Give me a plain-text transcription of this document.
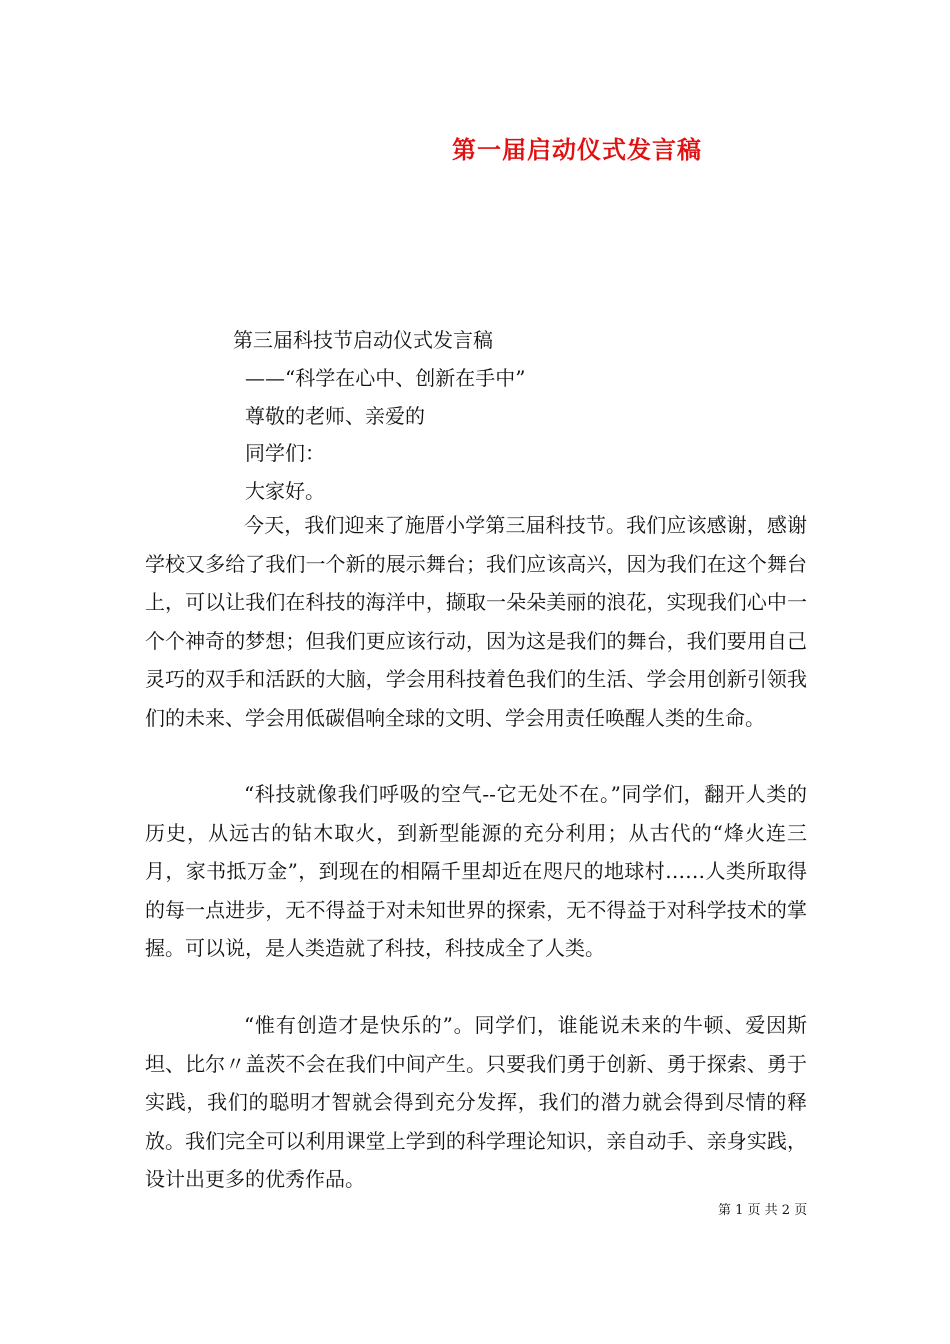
第一届启动仪式发言稿
第三届科技节启动仪式发言稿
——“科学在心中、创新在手中”
尊敬的老师、亲爱的
同学们：
大家好。

今天，我们迎来了施厝小学第三届科技节。我们应该感谢，感谢学校又多给了我们一个新的展示舞台；我们应该高兴，因为我们在这个舞台上，可以让我们在科技的海洋中，撷取一朵朵美丽的浪花，实现我们心中一个个神奇的梦想；但我们更应该行动，因为这是我们的舞台，我们要用自己灵巧的双手和活跃的大脑，学会用科技着色我们的生活、学会用创新引领我们的未来、学会用低碳倡响全球的文明、学会用责任唤醒人类的生命。

“科技就像我们呼吸的空气--它无处不在。”同学们，翻开人类的历史，从远古的钻木取火，到新型能源的充分利用；从古代的“烽火连三月，家书抵万金”，到现在的相隔千里却近在咫尺的地球村……人类所取得的每一点进步，无不得益于对未知世界的探索，无不得益于对科学技术的掌握。可以说，是人类造就了科技，科技成全了人类。

“惟有创造才是快乐的”。同学们，谁能说未来的牛顿、爱因斯坦、比尔〃盖茨不会在我们中间产生。只要我们勇于创新、勇于探索、勇于实践，我们的聪明才智就会得到充分发挥，我们的潜力就会得到尽情的释放。我们完全可以利用课堂上学到的科学理论知识，亲自动手、亲身实践，设计出更多的优秀作品。

第 1 页 共 2 页
